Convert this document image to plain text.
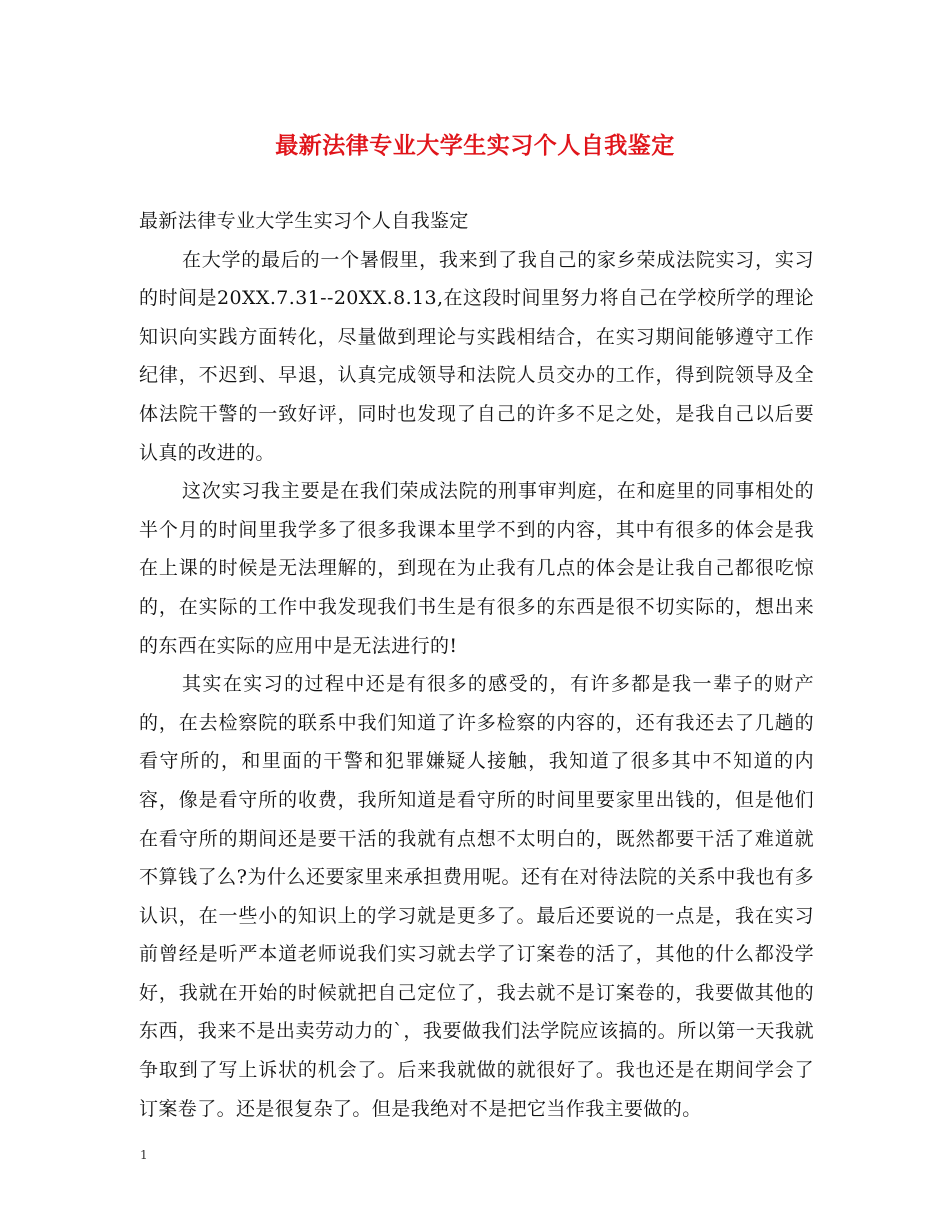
最新法律专业大学生实习个人自我鉴定

最新法律专业大学生实习个人自我鉴定

在大学的最后的一个暑假里，我来到了我自己的家乡荣成法院实习，实习的时间是20XX.7.31--20XX.8.13,在这段时间里努力将自己在学校所学的理论知识向实践方面转化，尽量做到理论与实践相结合，在实习期间能够遵守工作纪律，不迟到、早退，认真完成领导和法院人员交办的工作，得到院领导及全体法院干警的一致好评，同时也发现了自己的许多不足之处，是我自己以后要认真的改进的。

这次实习我主要是在我们荣成法院的刑事审判庭，在和庭里的同事相处的半个月的时间里我学多了很多我课本里学不到的内容，其中有很多的体会是我在上课的时候是无法理解的，到现在为止我有几点的体会是让我自己都很吃惊的，在实际的工作中我发现我们书生是有很多的东西是很不切实际的，想出来的东西在实际的应用中是无法进行的!

其实在实习的过程中还是有很多的感受的，有许多都是我一辈子的财产的，在去检察院的联系中我们知道了许多检察的内容的，还有我还去了几趟的看守所的，和里面的干警和犯罪嫌疑人接触，我知道了很多其中不知道的内容，像是看守所的收费，我所知道是看守所的时间里要家里出钱的，但是他们在看守所的期间还是要干活的我就有点想不太明白的，既然都要干活了难道就不算钱了么?为什么还要家里来承担费用呢。还有在对待法院的关系中我也有多认识，在一些小的知识上的学习就是更多了。最后还要说的一点是，我在实习前曾经是听严本道老师说我们实习就去学了订案卷的活了，其他的什么都没学好，我就在开始的时候就把自己定位了，我去就不是订案卷的，我要做其他的东西，我来不是出卖劳动力的`，我要做我们法学院应该搞的。所以第一天我就争取到了写上诉状的机会了。后来我就做的就很好了。我也还是在期间学会了订案卷了。还是很复杂了。但是我绝对不是把它当作我主要做的。

1
